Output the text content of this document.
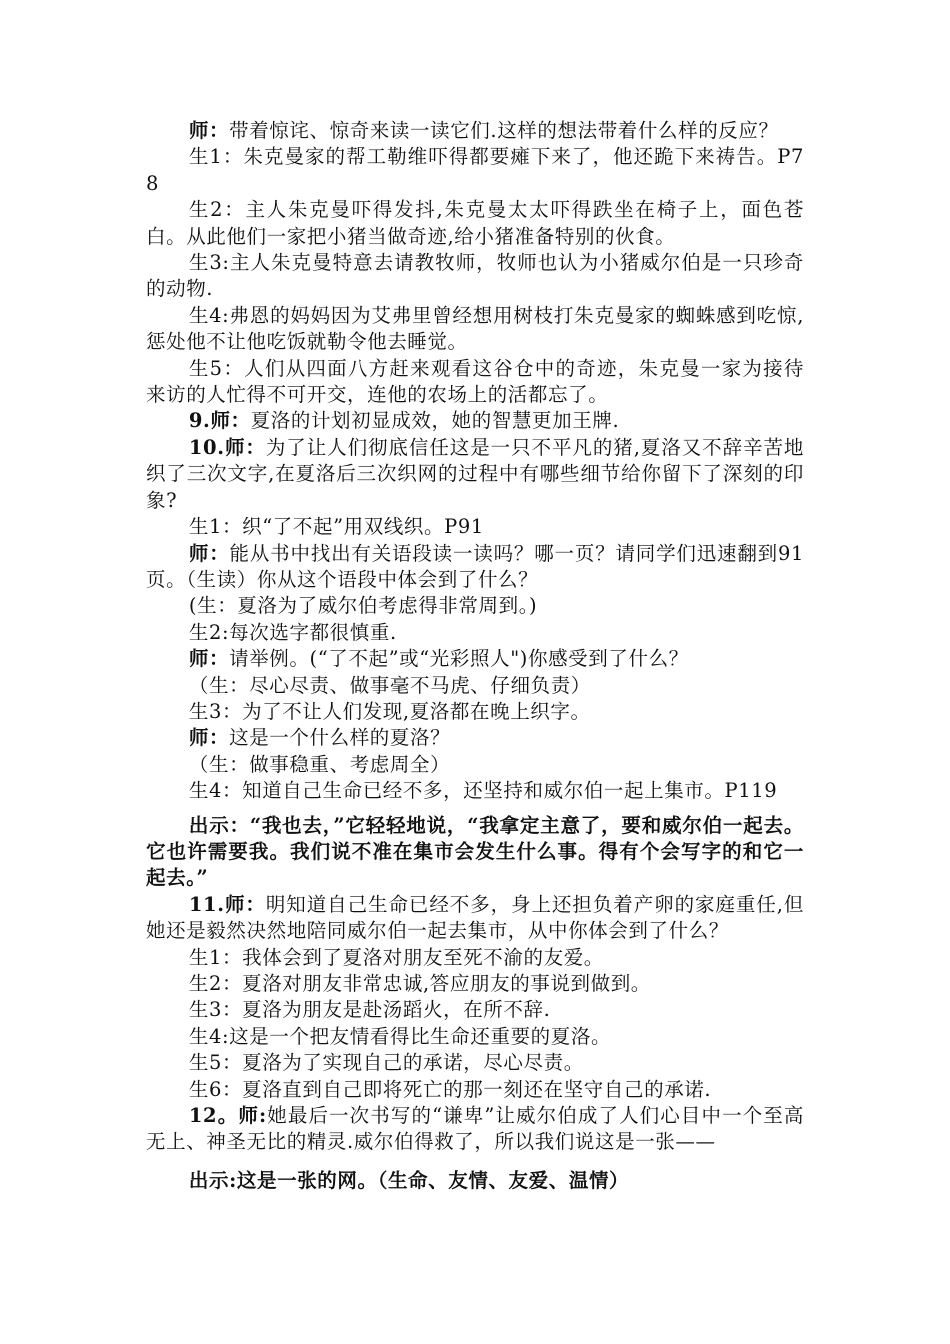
师：带着惊诧、惊奇来读一读它们.这样的想法带着什么样的反应？

生1：朱克曼家的帮工勒维吓得都要瘫下来了，他还跪下来祷告。P78

生2：主人朱克曼吓得发抖,朱克曼太太吓得跌坐在椅子上，面色苍白。从此他们一家把小猪当做奇迹,给小猪准备特别的伙食。

生3:主人朱克曼特意去请教牧师，牧师也认为小猪威尔伯是一只珍奇的动物.

生4:弗恩的妈妈因为艾弗里曾经想用树枝打朱克曼家的蜘蛛感到吃惊,惩处他不让他吃饭就勒令他去睡觉。

生5：人们从四面八方赶来观看这谷仓中的奇迹，朱克曼一家为接待来访的人忙得不可开交，连他的农场上的活都忘了。

9.师：夏洛的计划初显成效，她的智慧更加王牌.

10.师：为了让人们彻底信任这是一只不平凡的猪,夏洛又不辞辛苦地织了三次文字,在夏洛后三次织网的过程中有哪些细节给你留下了深刻的印象?

生1：织“了不起”用双线织。P91

师：能从书中找出有关语段读一读吗？哪一页？请同学们迅速翻到91页。（生读）你从这个语段中体会到了什么？

(生：夏洛为了威尔伯考虑得非常周到。)

生2:每次选字都很慎重.

师：请举例。(“了不起”或“光彩照人")你感受到了什么？

（生：尽心尽责、做事毫不马虎、仔细负责）

生3：为了不让人们发现,夏洛都在晚上织字。

师：这是一个什么样的夏洛？

（生：做事稳重、考虑周全）

生4：知道自己生命已经不多，还坚持和威尔伯一起上集市。P119

出示：“我也去，”它轻轻地说，“我拿定主意了，要和威尔伯一起去。它也许需要我。我们说不准在集市会发生什么事。得有个会写字的和它一起去。”

11.师：明知道自己生命已经不多，身上还担负着产卵的家庭重任,但她还是毅然决然地陪同威尔伯一起去集市，从中你体会到了什么？

生1：我体会到了夏洛对朋友至死不渝的友爱。

生2：夏洛对朋友非常忠诚,答应朋友的事说到做到。

生3：夏洛为朋友是赴汤蹈火，在所不辞.

生4:这是一个把友情看得比生命还重要的夏洛。

生5：夏洛为了实现自己的承诺，尽心尽责。

生6：夏洛直到自己即将死亡的那一刻还在坚守自己的承诺.

12。师:她最后一次书写的“谦卑”让威尔伯成了人们心目中一个至高无上、神圣无比的精灵.威尔伯得救了，所以我们说这是一张——

出示:这是一张的网。（生命、友情、友爱、温情）
